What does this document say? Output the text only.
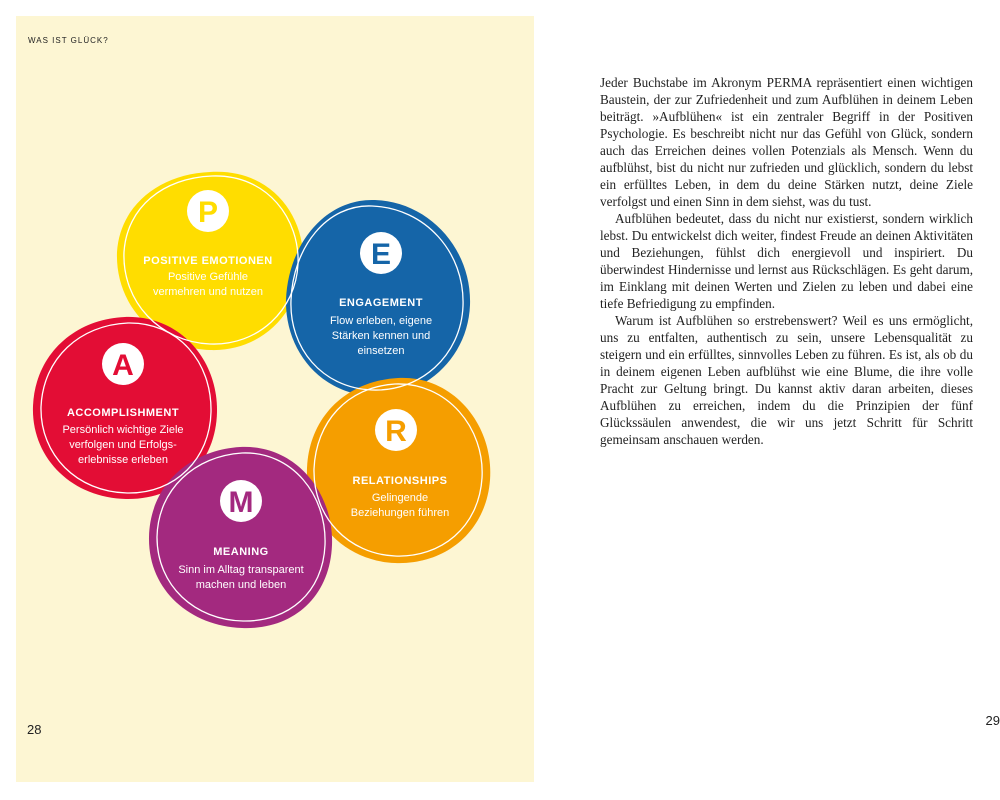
WAS IST GLÜCK?
P
E
A
R
M
POSITIVE EMOTIONEN
Positive Gefühle
vermehren und nutzen
ENGAGEMENT
Flow erleben, eigene
Stärken kennen und
einsetzen
ACCOMPLISHMENT
Persönlich wichtige Ziele
verfolgen und Erfolgs-
erlebnisse erleben
RELATIONSHIPS
Gelingende
Beziehungen führen
MEANING
Sinn im Alltag transparent
machen und leben
28

Jeder Buchstabe im Akronym PERMA repräsentiert einen wichtigen Baustein, der zur Zufriedenheit und zum Aufblühen in deinem Leben beiträgt. »Aufblühen« ist ein zentraler Begriff in der Positiven Psychologie. Es beschreibt nicht nur das Gefühl von Glück, sondern auch das Erreichen deines vollen Potenzials als Mensch. Wenn du aufblühst, bist du nicht nur zufrieden und glücklich, sondern du lebst ein erfülltes Leben, in dem du deine Stärken nutzt, deine Ziele verfolgst und einen Sinn in dem siehst, was du tust.

Aufblühen bedeutet, dass du nicht nur existierst, sondern wirklich lebst. Du entwickelst dich weiter, findest Freude an deinen Aktivitäten und Beziehungen, fühlst dich energievoll und inspiriert. Du überwindest Hindernisse und lernst aus Rückschlägen. Es geht darum, im Einklang mit deinen Werten und Zielen zu leben und dabei eine tiefe Befriedigung zu empfinden.

Warum ist Aufblühen so erstrebenswert? Weil es uns ermöglicht, uns zu entfalten, authentisch zu sein, unsere Lebensqualität zu steigern und ein erfülltes, sinnvolles Leben zu führen. Es ist, als ob du in deinem eigenen Leben aufblühst wie eine Blume, die ihre volle Pracht zur Geltung bringt. Du kannst aktiv daran arbeiten, dieses Aufblühen zu erreichen, indem du die Prinzipien der fünf Glückssäulen anwendest, die wir uns jetzt Schritt für Schritt gemeinsam anschauen werden.

29
